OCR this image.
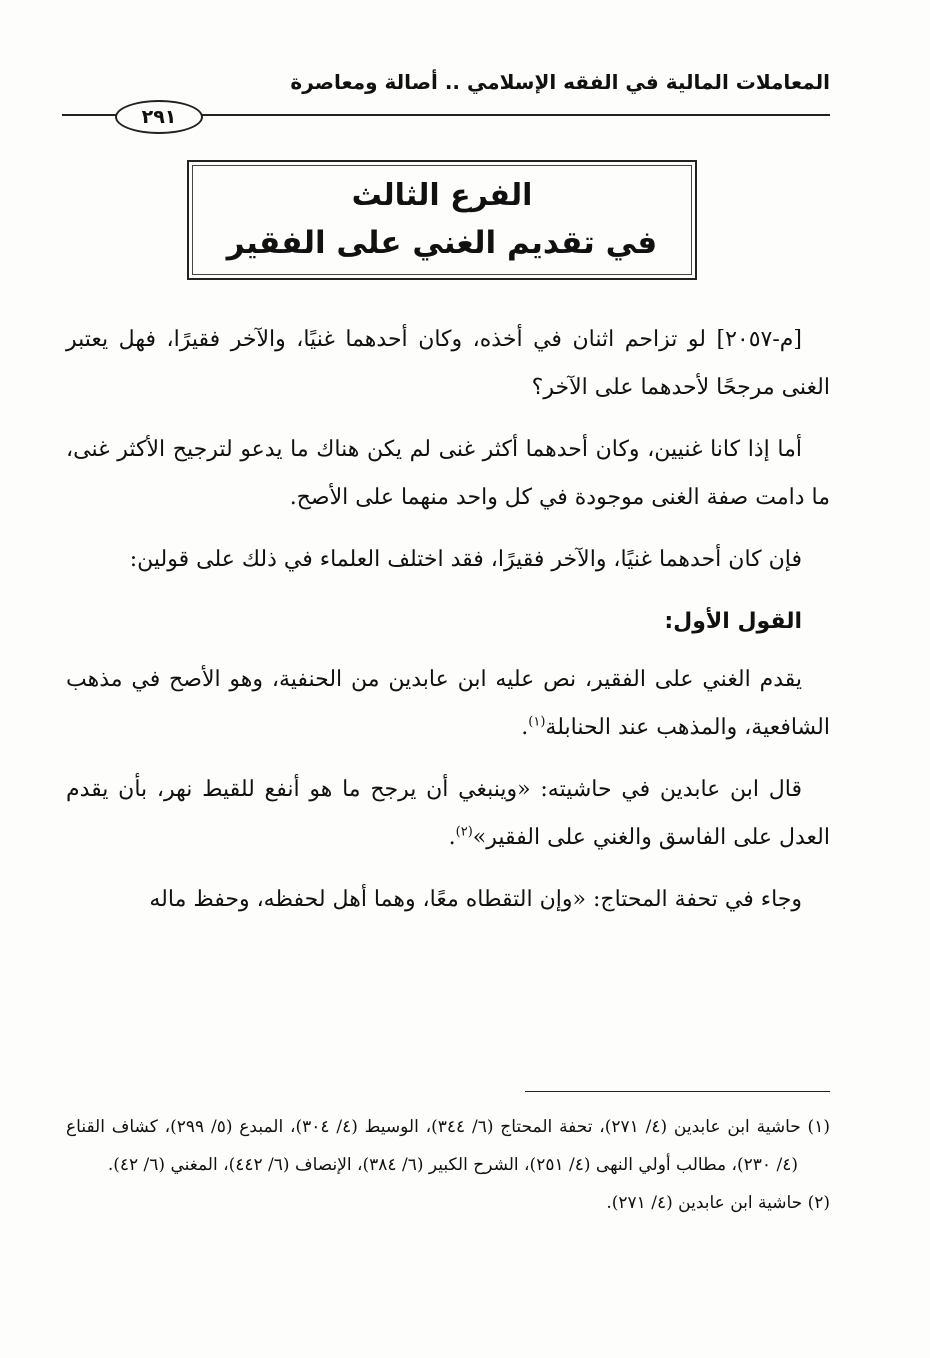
المعاملات المالية في الفقه الإسلامي .. أصالة ومعاصرة
٢٩١
الفرع الثالث
في تقديم الغني على الفقير

[م-٢٠٥٧] لو تزاحم اثنان في أخذه، وكان أحدهما غنيًا، والآخر فقيرًا، فهل يعتبر الغنى مرجحًا لأحدهما على الآخر؟

أما إذا كانا غنيين، وكان أحدهما أكثر غنى لم يكن هناك ما يدعو لترجيح الأكثر غنى، ما دامت صفة الغنى موجودة في كل واحد منهما على الأصح.

فإن كان أحدهما غنيًا، والآخر فقيرًا، فقد اختلف العلماء في ذلك على قولين:

القول الأول:

يقدم الغني على الفقير، نص عليه ابن عابدين من الحنفية، وهو الأصح في مذهب الشافعية، والمذهب عند الحنابلة$^{(١)}$.

قال ابن عابدين في حاشيته: «وينبغي أن يرجح ما هو أنفع للقيط نهر، بأن يقدم العدل على الفاسق والغني على الفقير»$^{(٢)}$.

وجاء في تحفة المحتاج: «وإن التقطاه معًا، وهما أهل لحفظه، وحفظ ماله

(١) حاشية ابن عابدين (٤/ ٢٧١)، تحفة المحتاج (٦/ ٣٤٤)، الوسيط (٤/ ٣٠٤)، المبدع (٥/ ٢٩٩)، كشاف القناع (٤/ ٢٣٠)، مطالب أولي النهى (٤/ ٢٥١)، الشرح الكبير (٦/ ٣٨٤)، الإنصاف (٦/ ٤٤٢)، المغني (٦/ ٤٢).

(٢) حاشية ابن عابدين (٤/ ٢٧١).
